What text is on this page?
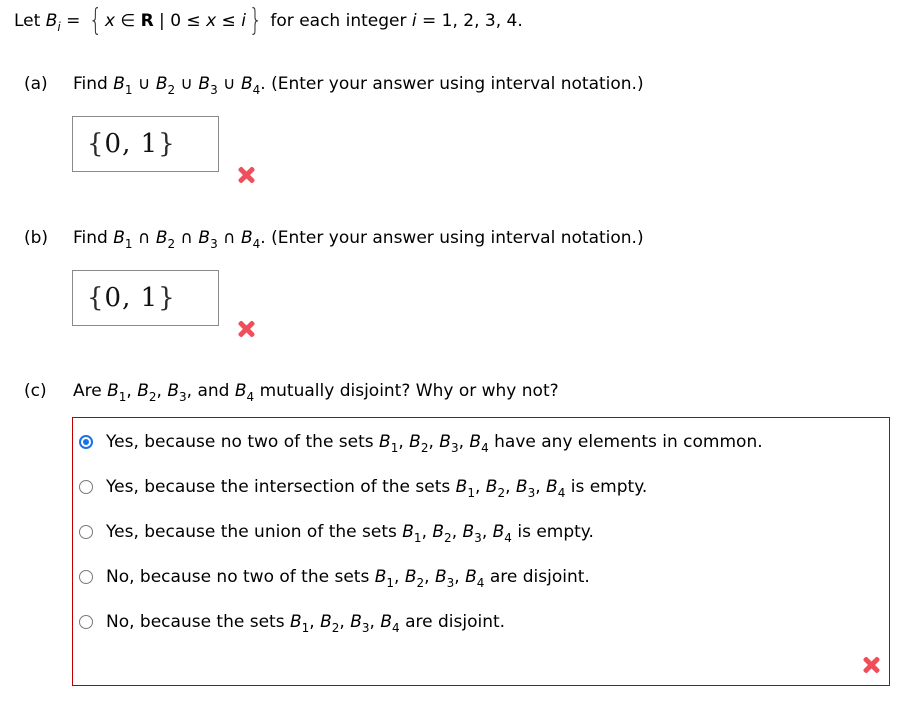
Let $B_i$ = { x ∈ R | 0 ≤ x ≤ i} for each integer i = 1, 2, 3, 4.
(a) Find $B_1$ ∪ $B_2$ ∪ $B_3$ ∪ $B_4$. (Enter your answer using interval notation.)
{ 0, 1 }
(b) Find $B_1$ ∩ $B_2$ ∩ $B_3$ ∩ $B_4$. (Enter your answer using interval notation.)
{ 0, 1 }
(c) Are $B_1$, $B_2$, $B_3$, and $B_4$ mutually disjoint? Why or why not?
Yes, because no two of the sets $B_1$, $B_2$, $B_3$, $B_4$ have any elements in common.
Yes, because the intersection of the sets $B_1$, $B_2$, $B_3$, $B_4$ is empty.
Yes, because the union of the sets $B_1$, $B_2$, $B_3$, $B_4$ is empty.
No, because no two of the sets $B_1$, $B_2$, $B_3$, $B_4$ are disjoint.
No, because the sets $B_1$, $B_2$, $B_3$, $B_4$ are disjoint.
